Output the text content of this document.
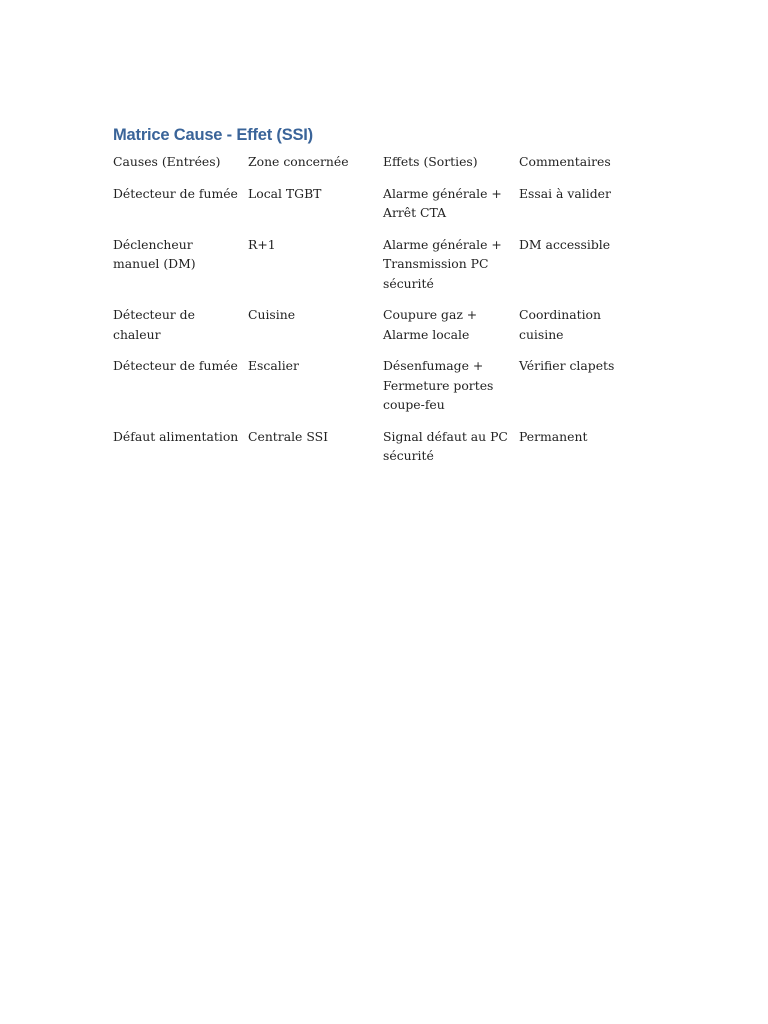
Matrice Cause - Effet (SSI)
Causes (Entrées)	Zone concernée	Effets (Sorties)	Commentaires
Détecteur de fumée	Local TGBT	Alarme générale + Arrêt CTA	Essai à valider
Déclencheur manuel (DM)	R+1	Alarme générale + Transmission PC sécurité	DM accessible
Détecteur de chaleur	Cuisine	Coupure gaz + Alarme locale	Coordination cuisine
Détecteur de fumée	Escalier	Désenfumage + Fermeture portes coupe-feu	Vérifier clapets
Défaut alimentation	Centrale SSI	Signal défaut au PC sécurité	Permanent
